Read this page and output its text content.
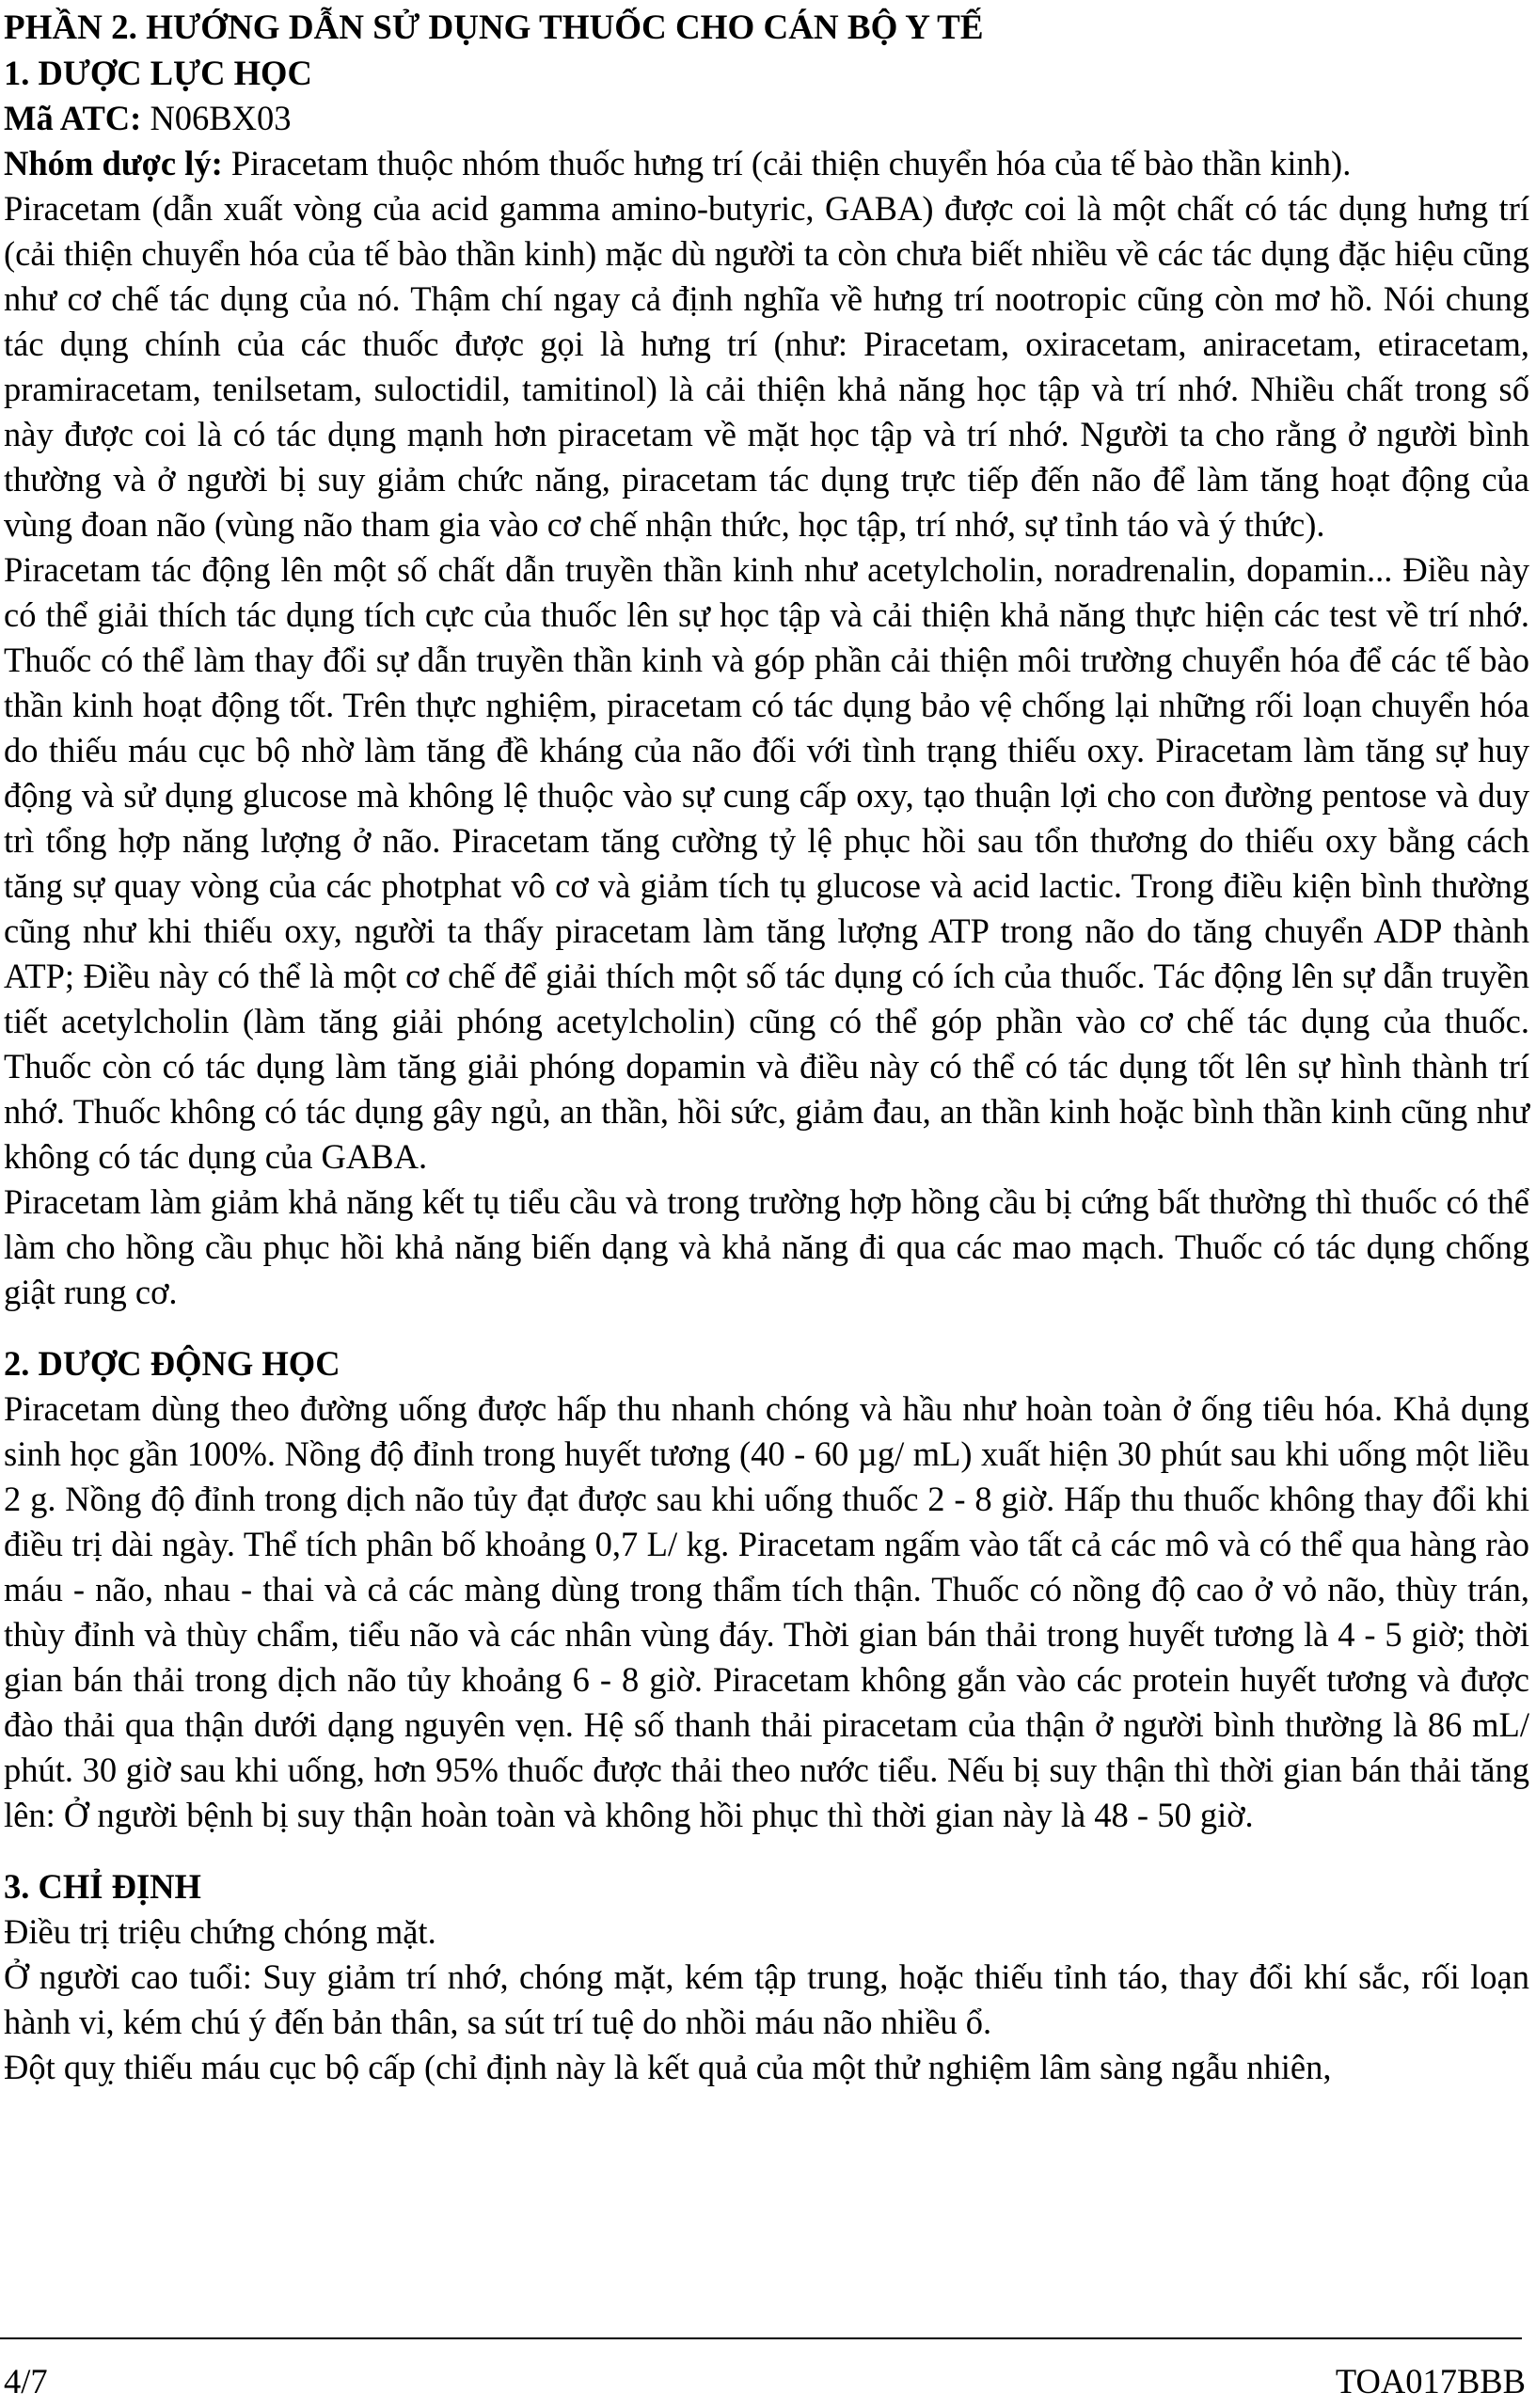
PHẦN 2. HƯỚNG DẪN SỬ DỤNG THUỐC CHO CÁN BỘ Y TẾ
1. DƯỢC LỰC HỌC

Mã ATC: N06BX03

Nhóm dược lý: Piracetam thuộc nhóm thuốc hưng trí (cải thiện chuyển hóa của tế bào thần kinh).

Piracetam (dẫn xuất vòng của acid gamma amino-butyric, GABA) được coi là một chất có tác dụng hưng trí (cải thiện chuyển hóa của tế bào thần kinh) mặc dù người ta còn chưa biết nhiều về các tác dụng đặc hiệu cũng như cơ chế tác dụng của nó. Thậm chí ngay cả định nghĩa về hưng trí nootropic cũng còn mơ hồ. Nói chung tác dụng chính của các thuốc được gọi là hưng trí (như: Piracetam, oxiracetam, aniracetam, etiracetam, pramiracetam, tenilsetam, suloctidil, tamitinol) là cải thiện khả năng học tập và trí nhớ. Nhiều chất trong số này được coi là có tác dụng mạnh hơn piracetam về mặt học tập và trí nhớ. Người ta cho rằng ở người bình thường và ở người bị suy giảm chức năng, piracetam tác dụng trực tiếp đến não để làm tăng hoạt động của vùng đoan não (vùng não tham gia vào cơ chế nhận thức, học tập, trí nhớ, sự tỉnh táo và ý thức).

Piracetam tác động lên một số chất dẫn truyền thần kinh như acetylcholin, noradrenalin, dopamin... Điều này có thể giải thích tác dụng tích cực của thuốc lên sự học tập và cải thiện khả năng thực hiện các test về trí nhớ. Thuốc có thể làm thay đổi sự dẫn truyền thần kinh và góp phần cải thiện môi trường chuyển hóa để các tế bào thần kinh hoạt động tốt. Trên thực nghiệm, piracetam có tác dụng bảo vệ chống lại những rối loạn chuyển hóa do thiếu máu cục bộ nhờ làm tăng đề kháng của não đối với tình trạng thiếu oxy. Piracetam làm tăng sự huy động và sử dụng glucose mà không lệ thuộc vào sự cung cấp oxy, tạo thuận lợi cho con đường pentose và duy trì tổng hợp năng lượng ở não. Piracetam tăng cường tỷ lệ phục hồi sau tổn thương do thiếu oxy bằng cách tăng sự quay vòng của các photphat vô cơ và giảm tích tụ glucose và acid lactic. Trong điều kiện bình thường cũng như khi thiếu oxy, người ta thấy piracetam làm tăng lượng ATP trong não do tăng chuyển ADP thành ATP; Điều này có thể là một cơ chế để giải thích một số tác dụng có ích của thuốc. Tác động lên sự dẫn truyền tiết acetylcholin (làm tăng giải phóng acetylcholin) cũng có thể góp phần vào cơ chế tác dụng của thuốc. Thuốc còn có tác dụng làm tăng giải phóng dopamin và điều này có thể có tác dụng tốt lên sự hình thành trí nhớ. Thuốc không có tác dụng gây ngủ, an thần, hồi sức, giảm đau, an thần kinh hoặc bình thần kinh cũng như không có tác dụng của GABA.

Piracetam làm giảm khả năng kết tụ tiểu cầu và trong trường hợp hồng cầu bị cứng bất thường thì thuốc có thể làm cho hồng cầu phục hồi khả năng biến dạng và khả năng đi qua các mao mạch. Thuốc có tác dụng chống giật rung cơ.

2. DƯỢC ĐỘNG HỌC

Piracetam dùng theo đường uống được hấp thu nhanh chóng và hầu như hoàn toàn ở ống tiêu hóa. Khả dụng sinh học gần 100%. Nồng độ đỉnh trong huyết tương (40 - 60 µg/ mL) xuất hiện 30 phút sau khi uống một liều 2 g. Nồng độ đỉnh trong dịch não tủy đạt được sau khi uống thuốc 2 - 8 giờ. Hấp thu thuốc không thay đổi khi điều trị dài ngày. Thể tích phân bố khoảng 0,7 L/ kg. Piracetam ngấm vào tất cả các mô và có thể qua hàng rào máu - não, nhau - thai và cả các màng dùng trong thẩm tích thận. Thuốc có nồng độ cao ở vỏ não, thùy trán, thùy đỉnh và thùy chẩm, tiểu não và các nhân vùng đáy. Thời gian bán thải trong huyết tương là 4 - 5 giờ; thời gian bán thải trong dịch não tủy khoảng 6 - 8 giờ. Piracetam không gắn vào các protein huyết tương và được đào thải qua thận dưới dạng nguyên vẹn. Hệ số thanh thải piracetam của thận ở người bình thường là 86 mL/ phút. 30 giờ sau khi uống, hơn 95% thuốc được thải theo nước tiểu. Nếu bị suy thận thì thời gian bán thải tăng lên: Ở người bệnh bị suy thận hoàn toàn và không hồi phục thì thời gian này là 48 - 50 giờ.

3. CHỈ ĐỊNH

Điều trị triệu chứng chóng mặt.

Ở người cao tuổi: Suy giảm trí nhớ, chóng mặt, kém tập trung, hoặc thiếu tỉnh táo, thay đổi khí sắc, rối loạn hành vi, kém chú ý đến bản thân, sa sút trí tuệ do nhồi máu não nhiều ổ.

Đột quỵ thiếu máu cục bộ cấp (chỉ định này là kết quả của một thử nghiệm lâm sàng ngẫu nhiên,

4/7	TOA017BBB
